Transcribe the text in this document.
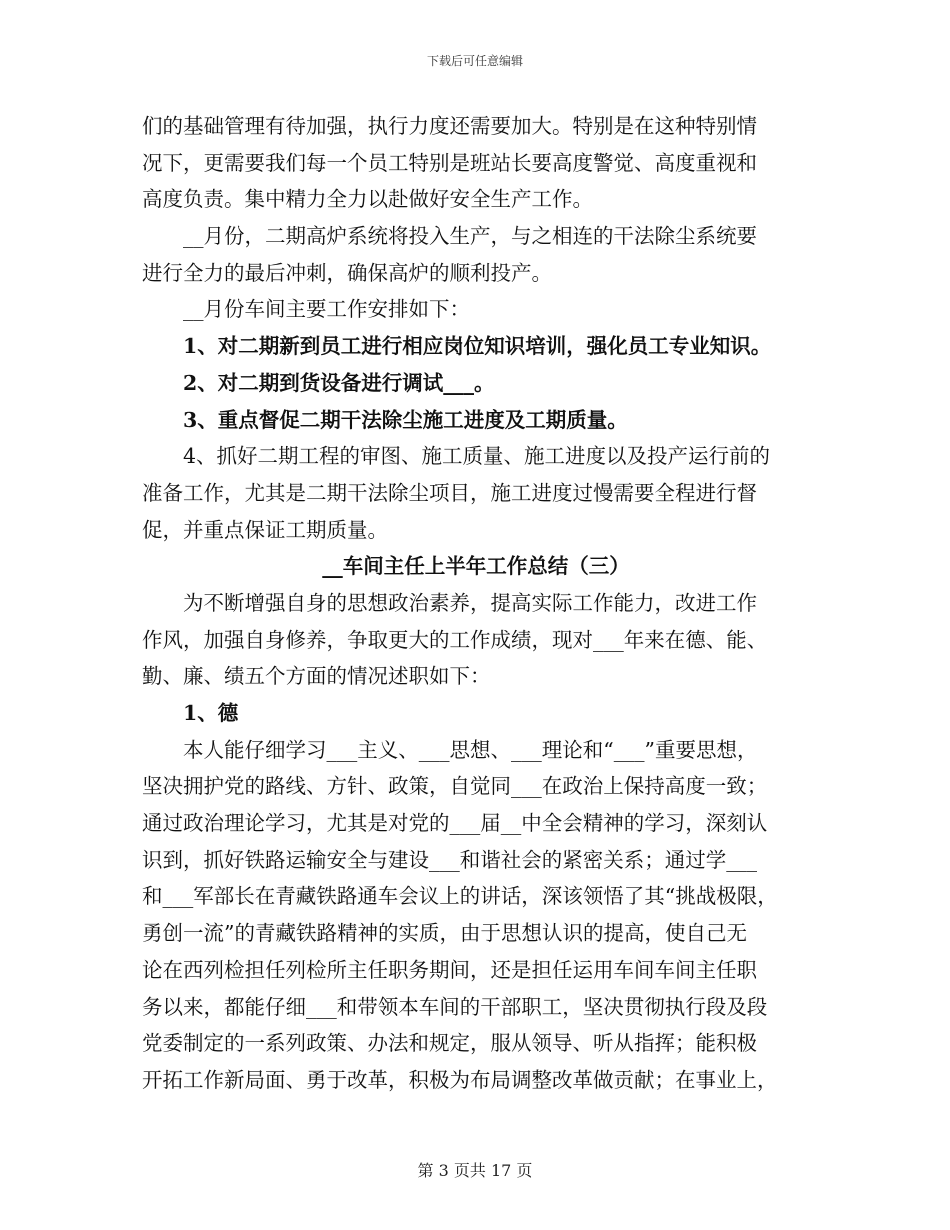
下载后可任意编辑
们的基础管理有待加强，执行力度还需要加大。特别是在这种特别情
况下，更需要我们每一个员工特别是班站长要高度警觉、高度重视和
高度负责。集中精力全力以赴做好安全生产工作。
__月份，二期高炉系统将投入生产，与之相连的干法除尘系统要
进行全力的最后冲刺，确保高炉的顺利投产。
__月份车间主要工作安排如下：
1、对二期新到员工进行相应岗位知识培训，强化员工专业知识。
2、对二期到货设备进行调试___。
3、重点督促二期干法除尘施工进度及工期质量。
4、抓好二期工程的审图、施工质量、施工进度以及投产运行前的
准备工作，尤其是二期干法除尘项目，施工进度过慢需要全程进行督
促，并重点保证工期质量。
__车间主任上半年工作总结（三）
为不断增强自身的思想政治素养，提高实际工作能力，改进工作
作风，加强自身修养，争取更大的工作成绩，现对___年来在德、能、
勤、廉、绩五个方面的情况述职如下：
1、德
本人能仔细学习___主义、___思想、___理论和“___”重要思想，
坚决拥护党的路线、方针、政策，自觉同___在政治上保持高度一致；
通过政治理论学习，尤其是对党的___届__中全会精神的学习，深刻认
识到，抓好铁路运输安全与建设___和谐社会的紧密关系；通过学___
和___军部长在青藏铁路通车会议上的讲话，深该领悟了其“挑战极限，
勇创一流”的青藏铁路精神的实质，由于思想认识的提高，使自己无
论在西列检担任列检所主任职务期间，还是担任运用车间车间主任职
务以来，都能仔细___和带领本车间的干部职工，坚决贯彻执行段及段
党委制定的一系列政策、办法和规定，服从领导、听从指挥；能积极
开拓工作新局面、勇于改革，积极为布局调整改革做贡献；在事业上，
第 3 页共 17 页
